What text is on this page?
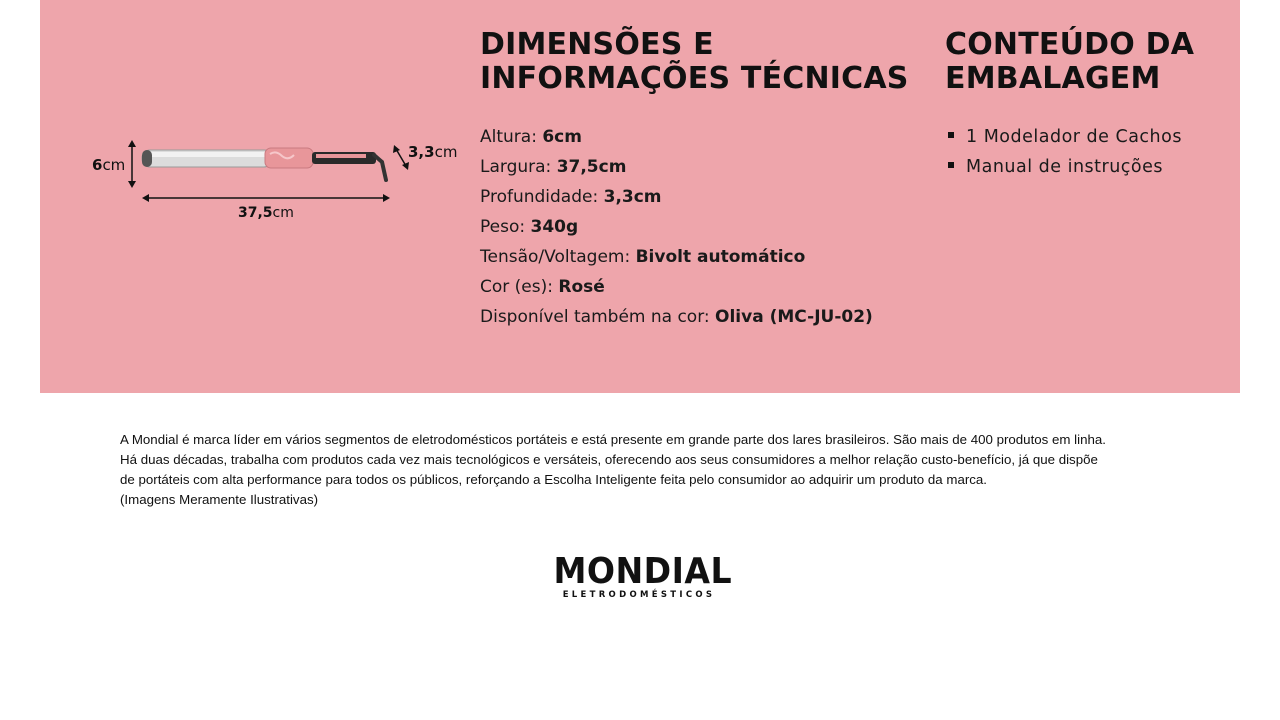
6cm
37,5cm
3,3cm
DIMENSÕES E INFORMAÇÕES TÉCNICAS
Altura: 6cm
Largura: 37,5cm
Profundidade: 3,3cm
Peso: 340g
Tensão/Voltagem: Bivolt automático
Cor (es): Rosé
Disponível também na cor: Oliva (MC-JU-02)
CONTEÚDO DA EMBALAGEM
1 Modelador de Cachos
Manual de instruções

A Mondial é marca líder em vários segmentos de eletrodomésticos portáteis e está presente em grande parte dos lares brasileiros. São mais de 400 produtos em linha.

Há duas décadas, trabalha com produtos cada vez mais tecnológicos e versáteis, oferecendo aos seus consumidores a melhor relação custo-benefício, já que dispõe

de portáteis com alta performance para todos os públicos, reforçando a Escolha Inteligente feita pelo consumidor ao adquirir um produto da marca.

(Imagens Meramente Ilustrativas)

MONDIAL
ELETRODOMÉSTICOS
